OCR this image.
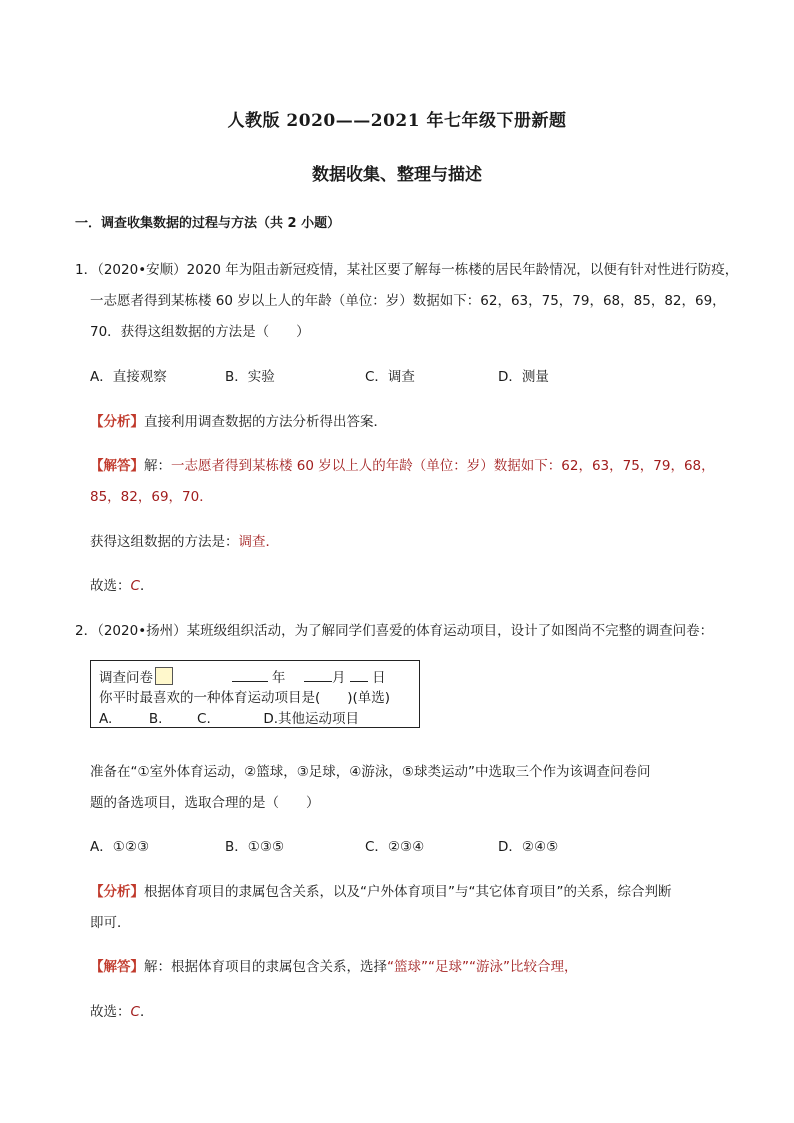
人教版 2020——2021 年七年级下册新题
数据收集、整理与描述
一．调查收集数据的过程与方法（共 2 小题）
1．（2020•安顺）2020 年为阻击新冠疫情，某社区要了解每一栋楼的居民年龄情况，以便有针对性进行防疫，
一志愿者得到某栋楼 60 岁以上人的年龄（单位：岁）数据如下：62，63，75，79，68，85，82，69，
70．获得这组数据的方法是（　　）
A．直接观察	B．实验	C．调查	D．测量
【分析】直接利用调查数据的方法分析得出答案．
【解答】解：一志愿者得到某栋楼 60 岁以上人的年龄（单位：岁）数据如下：62，63，75，79，68，
85，82，69，70．
获得这组数据的方法是：调查．
故选：C．
2．（2020•扬州）某班级组织活动，为了解同学们喜爱的体育运动项目，设计了如图尚不完整的调查问卷：
调查问卷	年	月 日
你平时最喜欢的一种体育运动项目是(　　)(单选)
A.	B.	C.	D.其他运动项目
准备在“①室外体育运动，②篮球，③足球，④游泳，⑤球类运动”中选取三个作为该调查问卷问
题的备选项目，选取合理的是（　　）
A．①②③	B．①③⑤	C．②③④	D．②④⑤
【分析】根据体育项目的隶属包含关系，以及“户外体育项目”与“其它体育项目”的关系，综合判断
即可．
【解答】解：根据体育项目的隶属包含关系，选择“篮球”“足球”“游泳”比较合理，
故选：C．
